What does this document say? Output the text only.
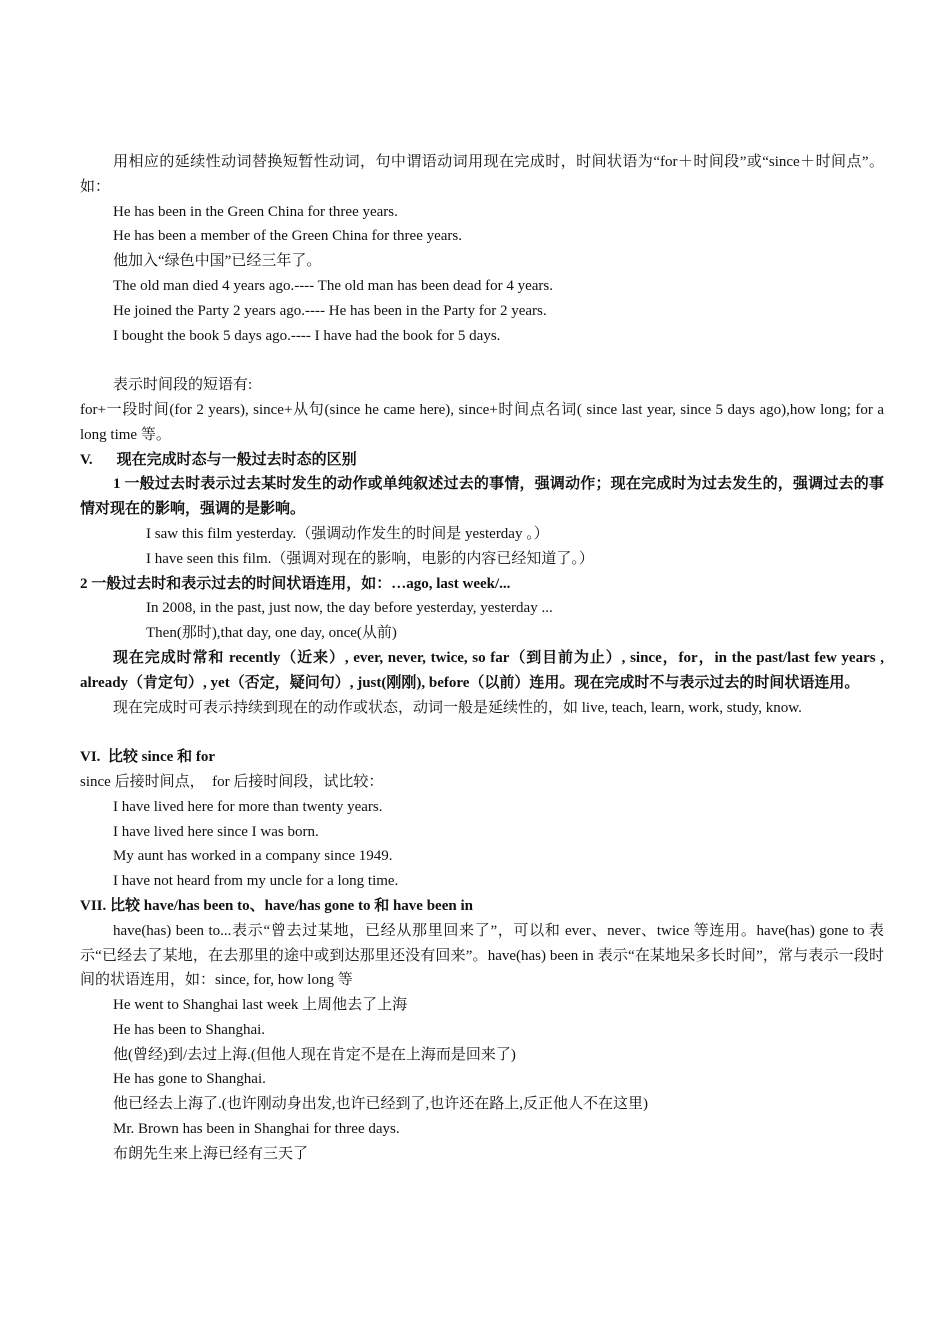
用相应的延续性动词替换短暂性动词，句中谓语动词用现在完成时，时间状语为“for＋时间段”或“since＋时间点”。如：

He has been in the Green China for three years.

He has been a member of the Green China for three years.

他加入“绿色中国”已经三年了。

The old man died 4 years ago.---- The old man has been dead for 4 years.

He joined the Party 2 years ago.---- He has been in the Party for 2 years.

I bought the book 5 days ago.---- I have had the book for 5 days.

表示时间段的短语有:

for+一段时间(for 2 years), since+从句(since he came here), since+时间点名词( since last year, since 5 days ago),how long; for a long time 等。

V. 现在完成时态与一般过去时态的区别

1 一般过去时表示过去某时发生的动作或单纯叙述过去的事情，强调动作；现在完成时为过去发生的，强调过去的事情对现在的影响，强调的是影响。

I saw this film yesterday.（强调动作发生的时间是 yesterday 。）

I have seen this film.（强调对现在的影响，电影的内容已经知道了。）

2 一般过去时和表示过去的时间状语连用，如：…ago, last week/...

In 2008, in the past, just now, the day before yesterday, yesterday ...

Then(那时),that day, one day, once(从前)

现在完成时常和 recently（近来）, ever, never, twice, so far（到目前为止）, since，for，in the past/last few years , already（肯定句）, yet（否定，疑问句）, just(刚刚), before（以前）连用。现在完成时不与表示过去的时间状语连用。

现在完成时可表示持续到现在的动作或状态，动词一般是延续性的，如 live, teach, learn, work, study, know.

VI. 比较 since 和 for

since 后接时间点， for 后接时间段，试比较：

I have lived here for more than twenty years.

I have lived here since I was born.

My aunt has worked in a company since 1949.

I have not heard from my uncle for a long time.

VII. 比较 have/has been to、have/has gone to 和 have been in

have(has) been to...表示“曾去过某地，已经从那里回来了”，可以和 ever、never、twice 等连用。have(has) gone to 表示“已经去了某地，在去那里的途中或到达那里还没有回来”。have(has) been in 表示“在某地呆多长时间”，常与表示一段时间的状语连用，如：since, for, how long 等

He went to Shanghai last week 上周他去了上海

He has been to Shanghai.

他(曾经)到/去过上海.(但他人现在肯定不是在上海而是回来了)

He has gone to Shanghai.

他已经去上海了.(也许刚动身出发,也许已经到了,也许还在路上,反正他人不在这里)

Mr. Brown has been in Shanghai for three days.

布朗先生来上海已经有三天了
